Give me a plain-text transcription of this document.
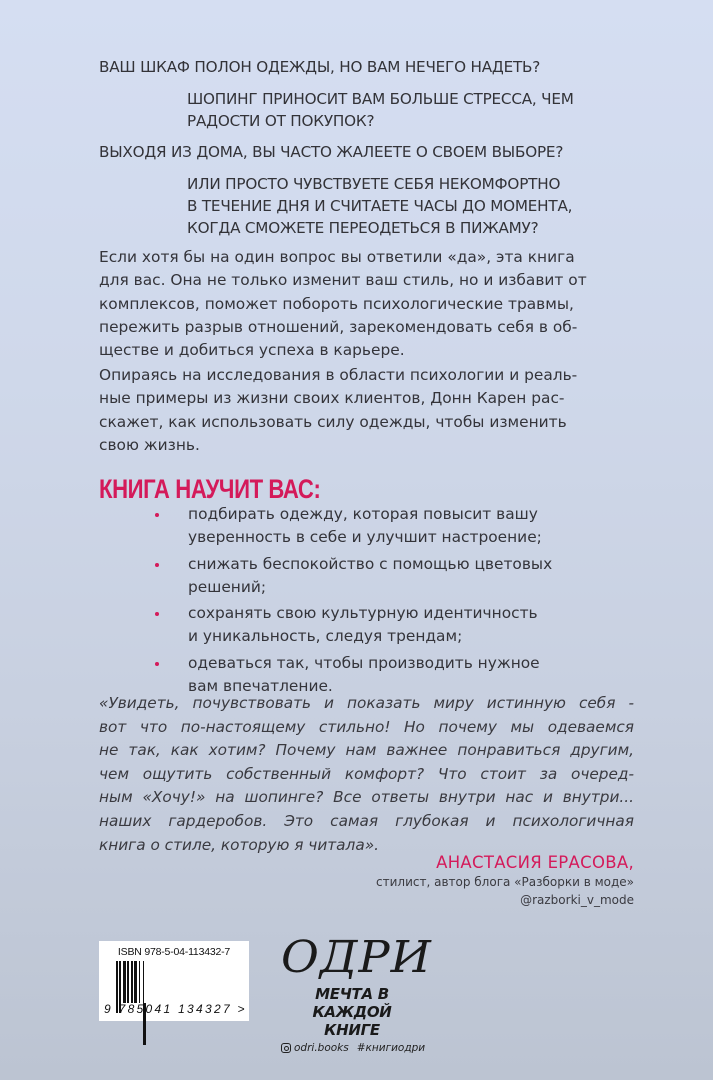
ВАШ ШКАФ ПОЛОН ОДЕЖДЫ, НО ВАМ НЕЧЕГО НАДЕТЬ?
ШОПИНГ ПРИНОСИТ ВАМ БОЛЬШЕ СТРЕССА, ЧЕМ
РАДОСТИ ОТ ПОКУПОК?
ВЫХОДЯ ИЗ ДОМА, ВЫ ЧАСТО ЖАЛЕЕТЕ О СВОЕМ ВЫБОРЕ?
ИЛИ ПРОСТО ЧУВСТВУЕТЕ СЕБЯ НЕКОМФОРТНО
В ТЕЧЕНИЕ ДНЯ И СЧИТАЕТЕ ЧАСЫ ДО МОМЕНТА,
КОГДА СМОЖЕТЕ ПЕРЕОДЕТЬСЯ В ПИЖАМУ?
Если хотя бы на один вопрос вы ответили «да», эта книга
для вас. Она не только изменит ваш стиль, но и избавит от
комплексов, поможет побороть психологические травмы,
пережить разрыв отношений, зарекомендовать себя в об-
ществе и добиться успеха в карьере.
Опираясь на исследования в области психологии и реаль-
ные примеры из жизни своих клиентов, Донн Карен рас-
скажет, как использовать силу одежды, чтобы изменить
свою жизнь.
КНИГА НАУЧИТ ВАС:
подбирать одежду, которая повысит вашу
уверенность в себе и улучшит настроение;
снижать беспокойство с помощью цветовых
решений;
сохранять свою культурную идентичность
и уникальность, следуя трендам;
одеваться так, чтобы производить нужное
вам впечатление.
«Увидеть, почувствовать и показать миру истинную себя -
вот что по-настоящему стильно! Но почему мы одеваемся
не так, как хотим? Почему нам важнее понравиться другим,
чем ощутить собственный комфорт? Что стоит за очеред-
ным «Хочу!» на шопинге? Все ответы внутри нас и внутри...
наших гардеробов. Это самая глубокая и психологичная
книга о стиле, которую я читала».
АНАСТАСИЯ ЕРАСОВА,
стилист, автор блога «Разборки в моде»
@razborki_v_mode
ISBN 978-5-04-113432-7
9 785041 134327 >
ОДРИ
МЕЧТА В КАЖДОЙ
КНИГЕ
odri.books #книгиодри
